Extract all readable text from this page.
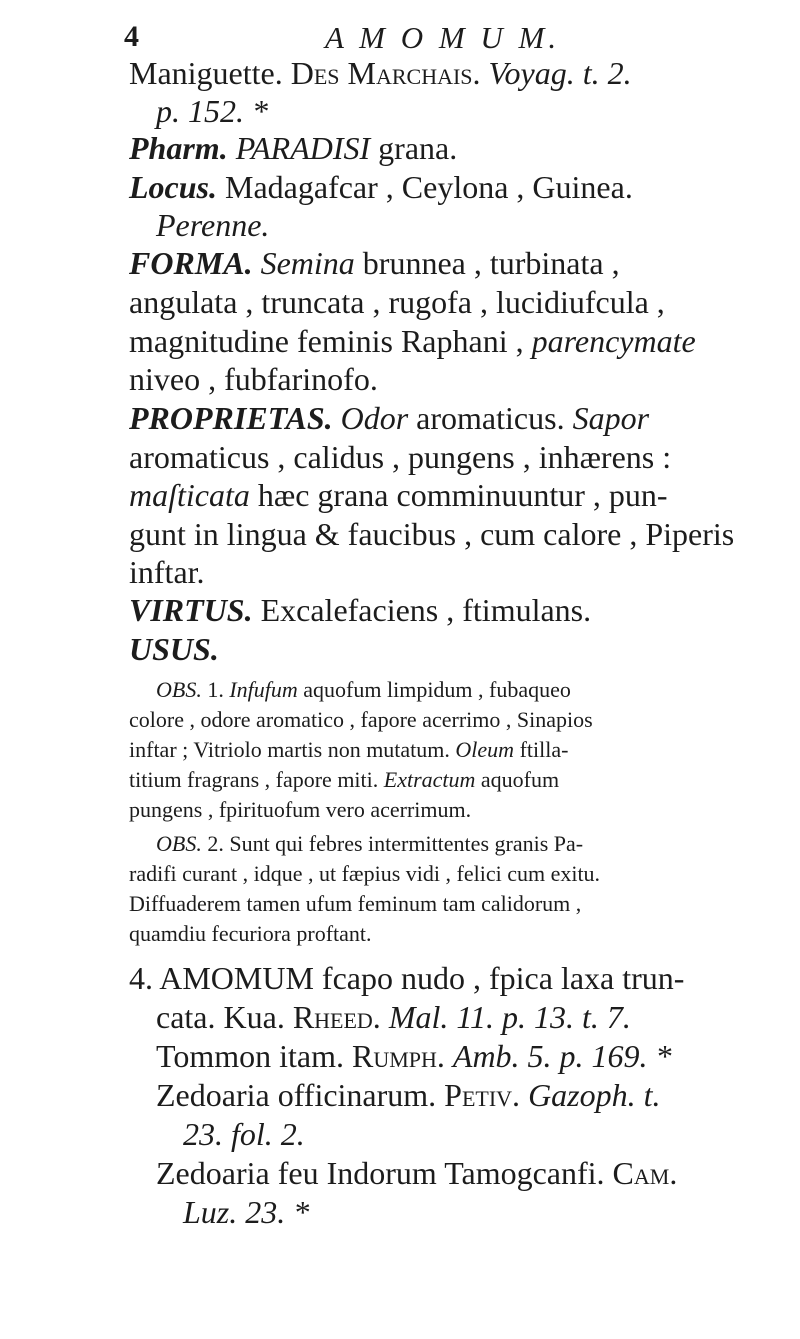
4	A M O M U M.
Maniguette. Des Marchais. Voyag. t. 2.
p. 152. *
Pharm. PARADISI grana.
Locus. Madagafcar , Ceylona , Guinea.
Perenne.
FORMA. Semina brunnea , turbinata ,
angulata , truncata , rugofa , lucidiufcula ,
magnitudine feminis Raphani , parencymate
niveo , fubfarinofo.
PROPRIETAS. Odor aromaticus. Sapor
aromaticus , calidus , pungens , inhærens :
maſticata hæc grana comminuuntur , pun-
gunt in lingua & faucibus , cum calore , Piperis
inftar.
VIRTUS. Excalefaciens , ftimulans.
USUS.
OBS. 1. Infufum aquofum limpidum , fubaqueo
colore , odore aromatico , fapore acerrimo , Sinapios
inftar ; Vitriolo martis non mutatum. Oleum ftilla-
titium fragrans , fapore miti. Extractum aquofum
pungens , fpirituofum vero acerrimum.
OBS. 2. Sunt qui febres intermittentes granis Pa-
radifi curant , idque , ut fæpius vidi , felici cum exitu.
Diffuaderem tamen ufum feminum tam calidorum ,
quamdiu fecuriora proftant.
4. AMOMUM fcapo nudo , fpica laxa trun-
cata. Kua. Rheed. Mal. 11. p. 13. t. 7.
Tommon itam. Rumph. Amb. 5. p. 169. *
Zedoaria officinarum. Petiv. Gazoph. t.
23. fol. 2.
Zedoaria feu Indorum Tamogcanfi. Cam.
Luz. 23. *
